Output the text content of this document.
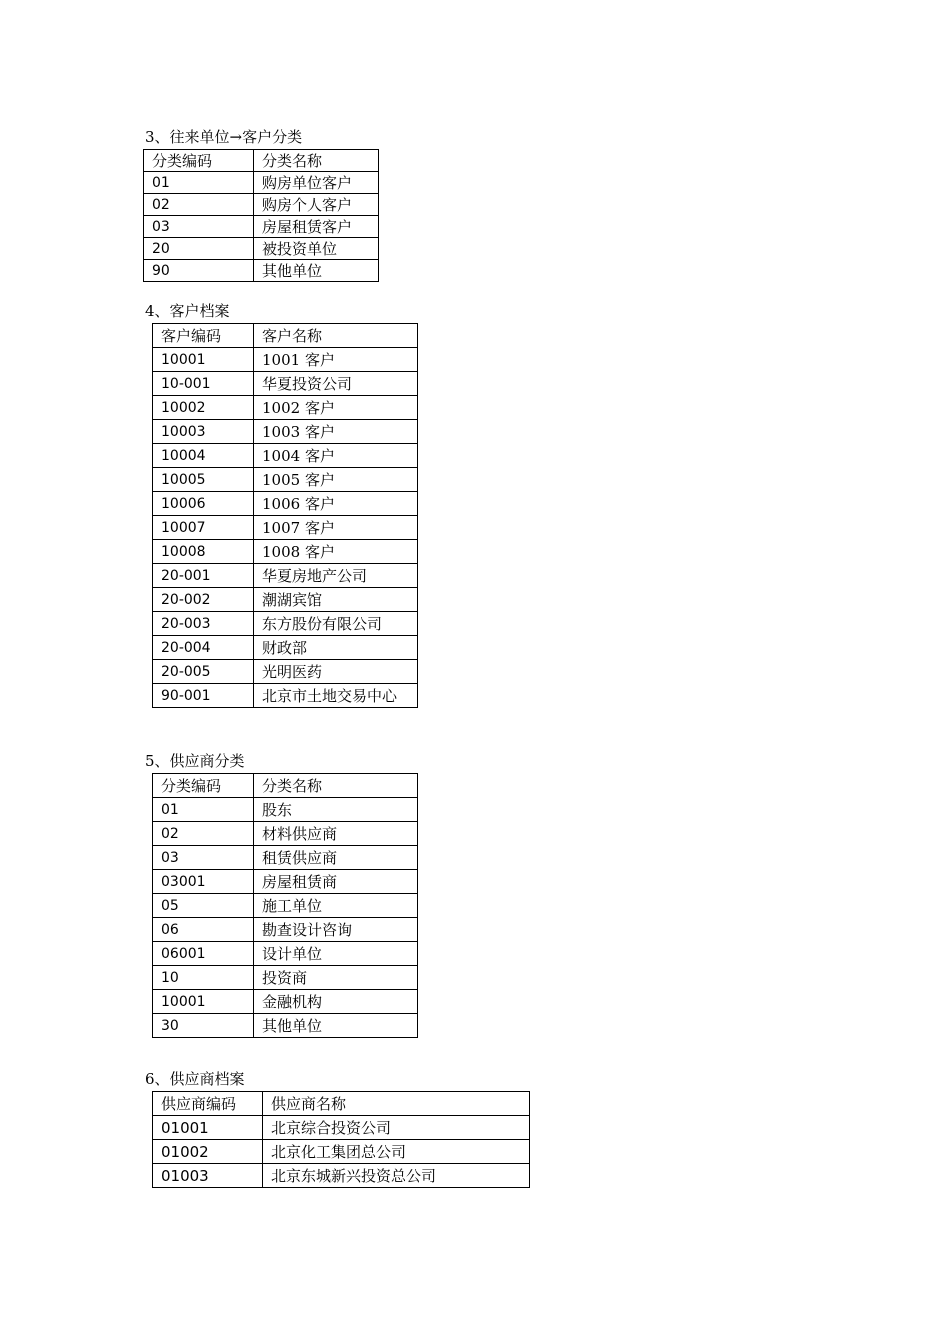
3、往来单位→客户分类
分类编码	分类名称
01	购房单位客户
02	购房个人客户
03	房屋租赁客户
20	被投资单位
90	其他单位
4、客户档案
客户编码	客户名称
10001	1001 客户
10-001	华夏投资公司
10002	1002 客户
10003	1003 客户
10004	1004 客户
10005	1005 客户
10006	1006 客户
10007	1007 客户
10008	1008 客户
20-001	华夏房地产公司
20-002	潮湖宾馆
20-003	东方股份有限公司
20-004	财政部
20-005	光明医药
90-001	北京市土地交易中心
5、供应商分类
分类编码	分类名称
01	股东
02	材料供应商
03	租赁供应商
03001	房屋租赁商
05	施工单位
06	勘查设计咨询
06001	设计单位
10	投资商
10001	金融机构
30	其他单位
6、供应商档案
供应商编码	供应商名称
01001	北京综合投资公司
01002	北京化工集团总公司
01003	北京东城新兴投资总公司
